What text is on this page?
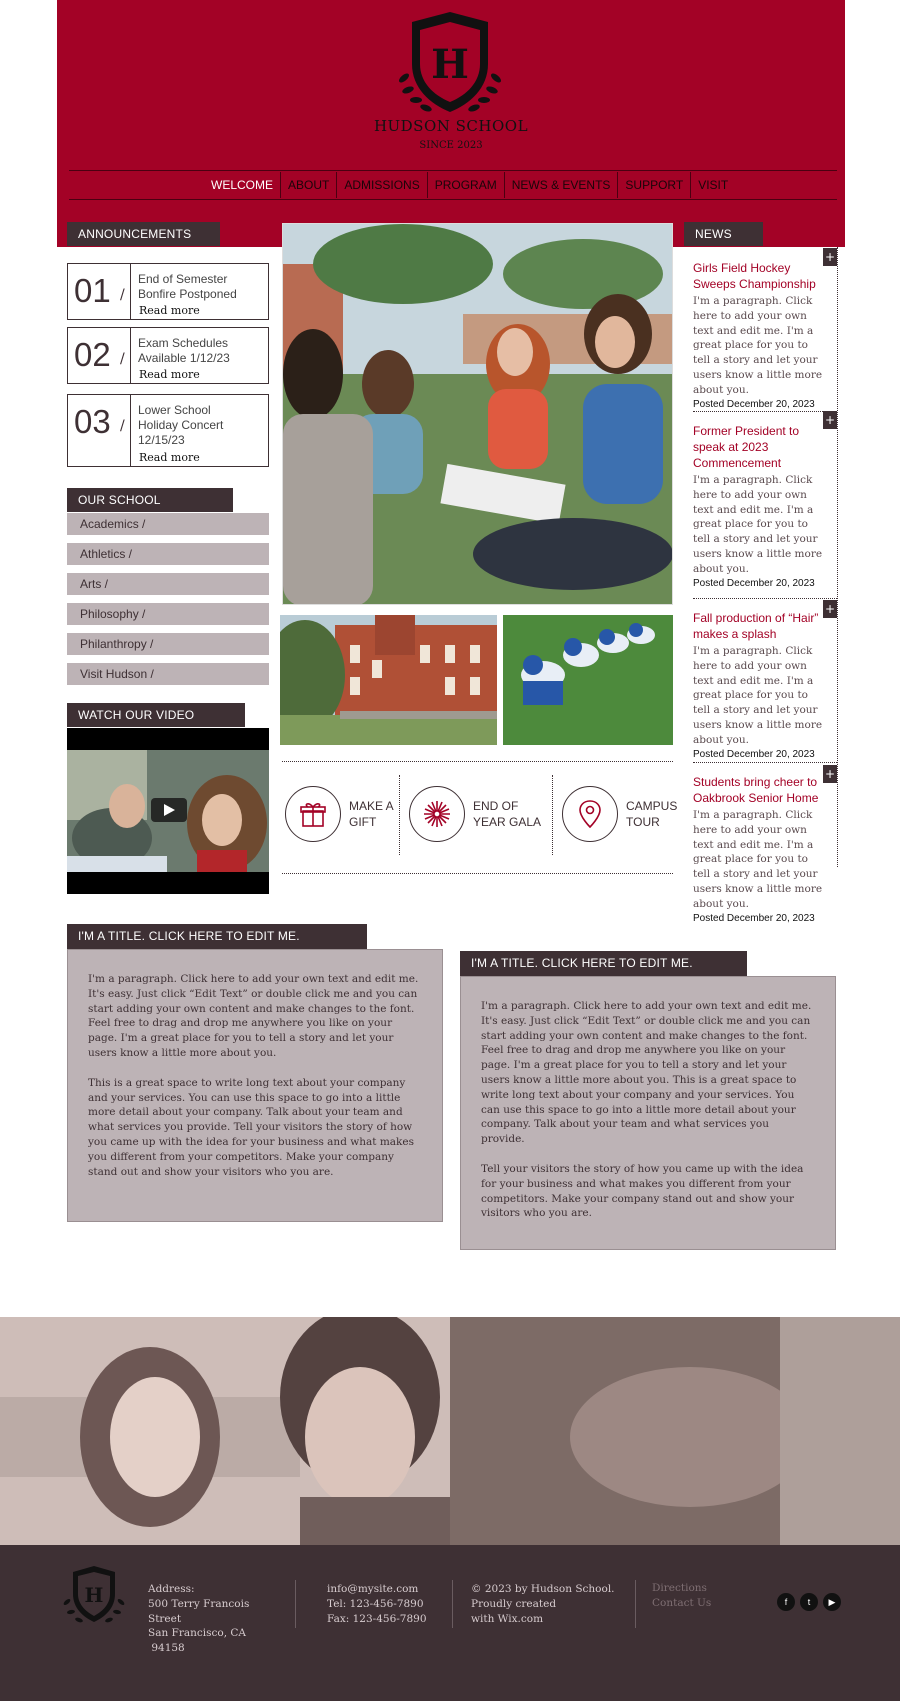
H
HUDSON SCHOOL
SINCE 2023
WELCOME	ABOUT	ADMISSIONS	PROGRAM	NEWS & EVENTS	SUPPORT	VISIT
ANNOUNCEMENTS
01 /
End of Semester
Bonfire Postponed
Read more
02 /
Exam Schedules
Available 1/12/23
Read more
03 /
Lower School
Holiday Concert
12/15/23
Read more
OUR SCHOOL
Academics /
Athletics /
Arts /
Philosophy /
Philanthropy /
Visit Hudson /
WATCH OUR VIDEO
MAKE A
GIFT
END OF
YEAR GALA
CAMPUS
TOUR
NEWS
+
Girls Field Hockey Sweeps Championship
I'm a paragraph. Click here to add your own text and edit me. I'm a great place for you to tell a story and let your users know a little more about you.
Posted December 20, 2023
+
Former President to speak at 2023 Commencement
I'm a paragraph. Click here to add your own text and edit me. I'm a great place for you to tell a story and let your users know a little more about you.
Posted December 20, 2023
+
Fall production of “Hair” makes a splash
I'm a paragraph. Click here to add your own text and edit me. I'm a great place for you to tell a story and let your users know a little more about you.
Posted December 20, 2023
+
Students bring cheer to Oakbrook Senior Home
I'm a paragraph. Click here to add your own text and edit me. I'm a great place for you to tell a story and let your users know a little more about you.
Posted December 20, 2023
I'M A TITLE. CLICK HERE TO EDIT ME.

I'm a paragraph. Click here to add your own text and edit me. It's easy. Just click “Edit Text” or double click me and you can start adding your own content and make changes to the font. Feel free to drag and drop me anywhere you like on your page. I'm a great place for you to tell a story and let your users know a little more about you.

This is a great space to write long text about your company and your services. You can use this space to go into a little more detail about your company. Talk about your team and what services you provide. Tell your visitors the story of how you came up with the idea for your business and what makes you different from your competitors. Make your company stand out and show your visitors who you are.

I'M A TITLE. CLICK HERE TO EDIT ME.

I'm a paragraph. Click here to add your own text and edit me. It's easy. Just click “Edit Text” or double click me and you can start adding your own content and make changes to the font. Feel free to drag and drop me anywhere you like on your page. I'm a great place for you to tell a story and let your users know a little more about you. This is a great space to write long text about your company and your services. You can use this space to go into a little more detail about your company. Talk about your team and what services you provide.

Tell your visitors the story of how you came up with the idea for your business and what makes you different from your competitors. Make your company stand out and show your visitors who you are.

H	Address:
500 Terry Francois
Street
San Francisco, CA
94158
info@mysite.com
Tel: 123-456-7890
Fax: 123-456-7890
© 2023 by Hudson School.
Proudly created
with Wix.com
Directions
Contact Us	f	t	▶
